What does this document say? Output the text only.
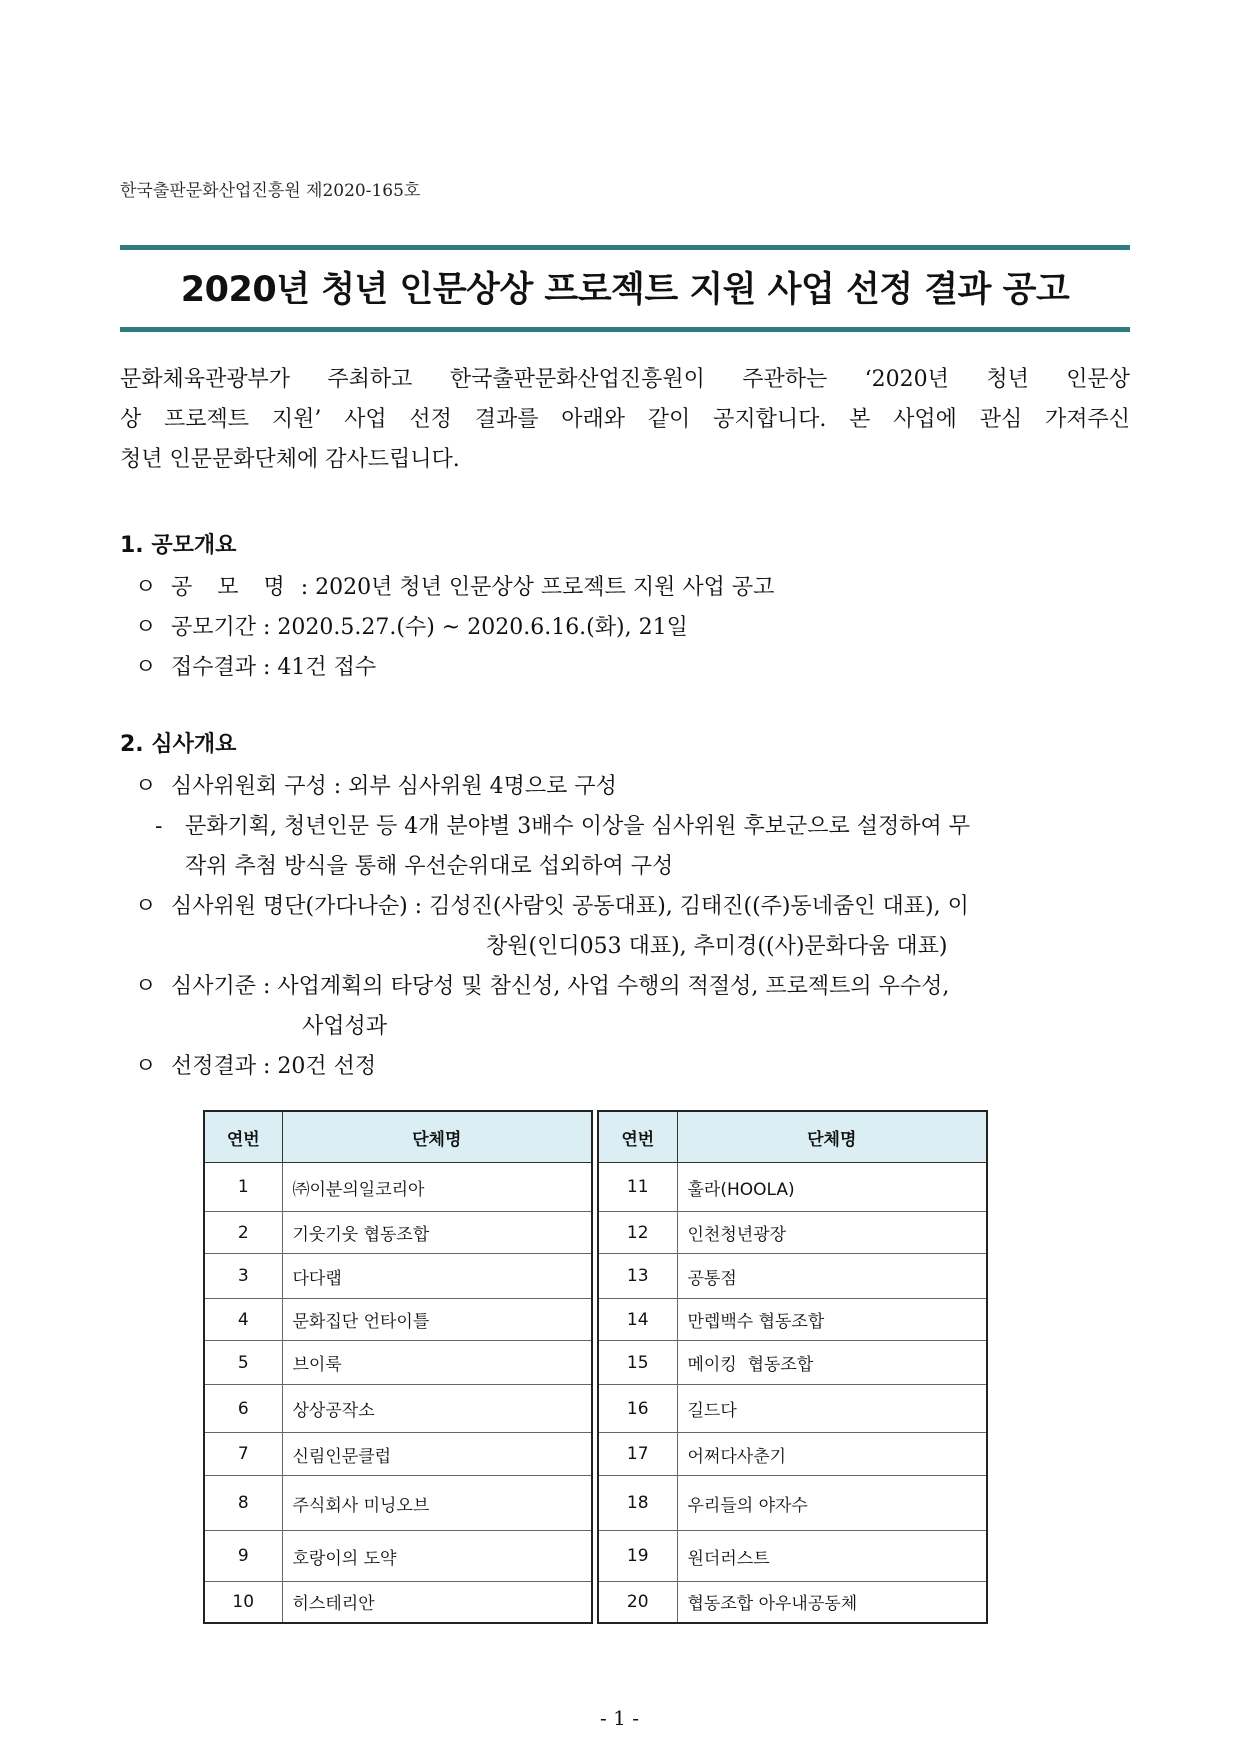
한국출판문화산업진흥원 제2020-165호
2020년 청년 인문상상 프로젝트 지원 사업 선정 결과 공고
문화체육관광부가 주최하고 한국출판문화산업진흥원이 주관하는 ‘2020년 청년 인문상
상 프로젝트 지원’ 사업 선정 결과를 아래와 같이 공지합니다. 본 사업에 관심 가져주신
청년 인문문화단체에 감사드립니다.
1. 공모개요
ㅇ 공 모 명 : 2020년 청년 인문상상 프로젝트 지원 사업 공고
ㅇ 공모기간 : 2020.5.27.(수) ~ 2020.6.16.(화), 21일
ㅇ 접수결과 : 41건 접수
2. 심사개요
ㅇ 심사위원회 구성 : 외부 심사위원 4명으로 구성
- 문화기획, 청년인문 등 4개 분야별 3배수 이상을 심사위원 후보군으로 설정하여 무
작위 추첨 방식을 통해 우선순위대로 섭외하여 구성
ㅇ 심사위원 명단(가다나순) : 김성진(사람잇 공동대표), 김태진((주)동네줌인 대표), 이
창원(인디053 대표), 추미경((사)문화다움 대표)
ㅇ 심사기준 : 사업계획의 타당성 및 참신성, 사업 수행의 적절성, 프로젝트의 우수성,
사업성과
ㅇ 선정결과 : 20건 선정
연번	단체명
1	㈜이분의일코리아
2	기웃기웃 협동조합
3	다다랩
4	문화집단 언타이틀
5	브이룩
6	상상공작소
7	신림인문클럽
8	주식회사 미닝오브
9	호랑이의 도약
10	히스테리안
연번	단체명
11	훌라(HOOLA)
12	인천청년광장
13	공통점
14	만렙백수 협동조합
15	메이킹  협동조합
16	길드다
17	어쩌다사춘기
18	우리들의 야자수
19	원더러스트
20	협동조합 아우내공동체
- 1 -
